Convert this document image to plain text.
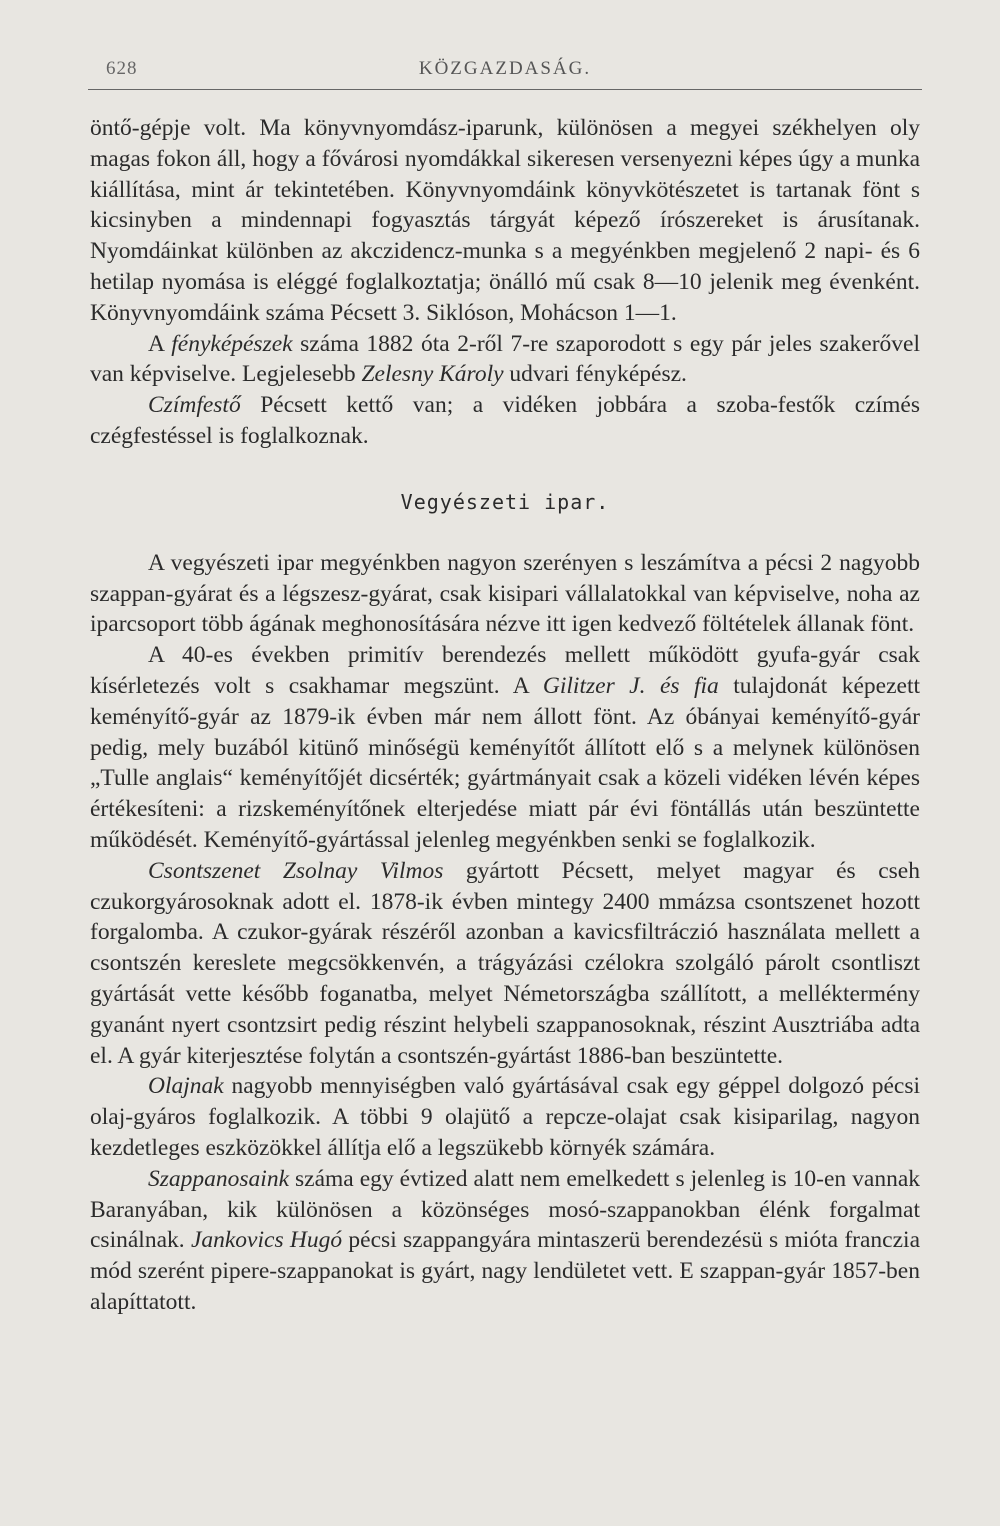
628	KÖZGAZDASÁG.

öntő-gépje volt. Ma könyvnyomdász-iparunk, különösen a megyei székhelyen oly magas fokon áll, hogy a fővárosi nyomdákkal sikeresen versenyezni képes úgy a munka kiállítása, mint ár tekintetében. Könyvnyomdáink könyvkötészetet is tartanak fönt s kicsinyben a mindennapi fogyasztás tárgyát képező írószereket is árusítanak. Nyomdáinkat különben az akczidencz-munka s a megyénkben megjelenő 2 napi- és 6 hetilap nyomása is eléggé foglalkoztatja; önálló mű csak 8—10 jelenik meg évenként. Könyvnyomdáink száma Pécsett 3. Siklóson, Mohácson 1—1.

A fényképészek száma 1882 óta 2-ről 7-re szaporodott s egy pár jeles szakerővel van képviselve. Legjelesebb Zelesny Károly udvari fényképész.

Czímfestő Pécsett kettő van; a vidéken jobbára a szoba-festők czímés czégfestéssel is foglalkoznak.

Vegyészeti ipar.

A vegyészeti ipar megyénkben nagyon szerényen s leszámítva a pécsi 2 nagyobb szappan-gyárat és a légszesz-gyárat, csak kisipari vállalatokkal van képviselve, noha az iparcsoport több ágának meghonosítására nézve itt igen kedvező föltételek állanak fönt.

A 40-es években primitív berendezés mellett működött gyufa-gyár csak kísérletezés volt s csakhamar megszünt. A Gilitzer J. és fia tulajdonát képezett keményítő-gyár az 1879-ik évben már nem állott fönt. Az óbányai keményítő-gyár pedig, mely buzából kitünő minőségü keményítőt állított elő s a melynek különösen „Tulle anglais“ keményítőjét dicsérték; gyártmányait csak a közeli vidéken lévén képes értékesíteni: a rizskeményítőnek elterjedése miatt pár évi föntállás után beszüntette működését. Keményítő-gyártással jelenleg megyénkben senki se foglalkozik.

Csontszenet Zsolnay Vilmos gyártott Pécsett, melyet magyar és cseh czukorgyárosoknak adott el. 1878-ik évben mintegy 2400 mmázsa csontszenet hozott forgalomba. A czukor-gyárak részéről azonban a kavicsfiltráczió használata mellett a csontszén kereslete megcsökkenvén, a trágyázási czélokra szolgáló párolt csontliszt gyártását vette később foganatba, melyet Németországba szállított, a melléktermény gyanánt nyert csontzsirt pedig részint helybeli szappanosoknak, részint Ausztriába adta el. A gyár kiterjesztése folytán a csontszén-gyártást 1886-ban beszüntette.

Olajnak nagyobb mennyiségben való gyártásával csak egy géppel dolgozó pécsi olaj-gyáros foglalkozik. A többi 9 olajütő a repcze-olajat csak kisiparilag, nagyon kezdetleges eszközökkel állítja elő a legszükebb környék számára.

Szappanosaink száma egy évtized alatt nem emelkedett s jelenleg is 10-en vannak Baranyában, kik különösen a közönséges mosó-szappanokban élénk forgalmat csinálnak. Jankovics Hugó pécsi szappangyára mintaszerü berendezésü s mióta franczia mód szerént pipere-szappanokat is gyárt, nagy lendületet vett. E szappan-gyár 1857-ben alapíttatott.
